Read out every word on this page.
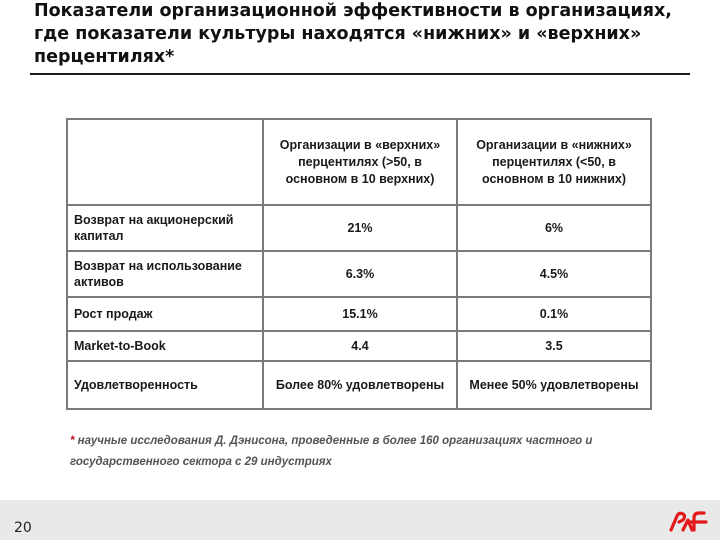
Показатели организационной эффективности в организациях, где показатели культуры находятся «нижних» и «верхних» перцентилях*
	Организации в «верхних» перцентилях (>50, в основном в 10 верхних)	Организации в «нижних» перцентилях (<50, в основном в 10 нижних)
Возврат на акционерский капитал	21%	6%
Возврат на использование активов	6.3%	4.5%
Рост продаж	15.1%	0.1%
Market-to-Book	4.4	3.5
Удовлетворенность	Более 80% удовлетворены	Менее 50% удовлетворены
* научные исследования Д. Дэнисона, проведенные в более 160 организациях частного и государственного сектора с 29 индустриях
20
